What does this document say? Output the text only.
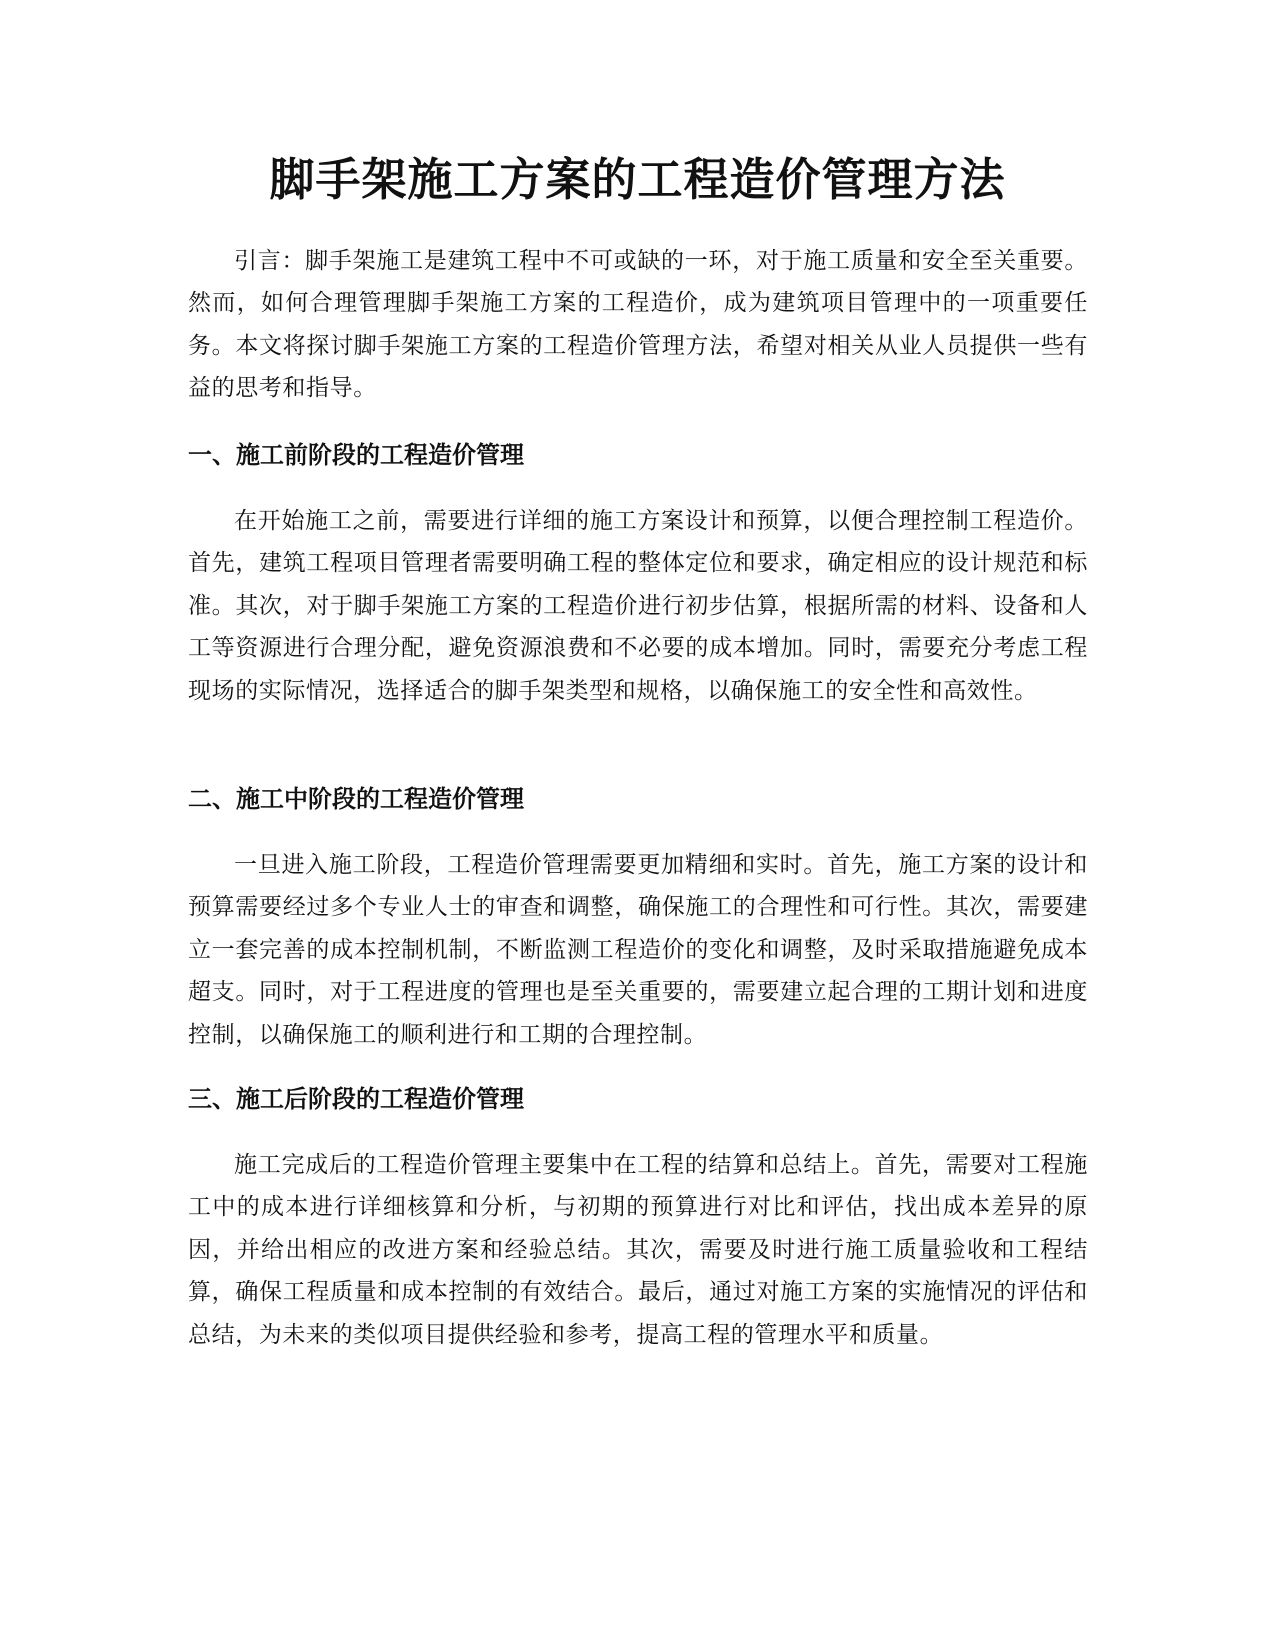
脚手架施工方案的工程造价管理方法

引言：脚手架施工是建筑工程中不可或缺的一环，对于施工质量和安全至关重要。然而，如何合理管理脚手架施工方案的工程造价，成为建筑项目管理中的一项重要任务。本文将探讨脚手架施工方案的工程造价管理方法，希望对相关从业人员提供一些有益的思考和指导。

一、施工前阶段的工程造价管理

在开始施工之前，需要进行详细的施工方案设计和预算，以便合理控制工程造价。首先，建筑工程项目管理者需要明确工程的整体定位和要求，确定相应的设计规范和标准。其次，对于脚手架施工方案的工程造价进行初步估算，根据所需的材料、设备和人工等资源进行合理分配，避免资源浪费和不必要的成本增加。同时，需要充分考虑工程现场的实际情况，选择适合的脚手架类型和规格，以确保施工的安全性和高效性。

二、施工中阶段的工程造价管理

一旦进入施工阶段，工程造价管理需要更加精细和实时。首先，施工方案的设计和预算需要经过多个专业人士的审查和调整，确保施工的合理性和可行性。其次，需要建立一套完善的成本控制机制，不断监测工程造价的变化和调整，及时采取措施避免成本超支。同时，对于工程进度的管理也是至关重要的，需要建立起合理的工期计划和进度控制，以确保施工的顺利进行和工期的合理控制。

三、施工后阶段的工程造价管理

施工完成后的工程造价管理主要集中在工程的结算和总结上。首先，需要对工程施工中的成本进行详细核算和分析，与初期的预算进行对比和评估，找出成本差异的原因，并给出相应的改进方案和经验总结。其次，需要及时进行施工质量验收和工程结算，确保工程质量和成本控制的有效结合。最后，通过对施工方案的实施情况的评估和总结，为未来的类似项目提供经验和参考，提高工程的管理水平和质量。
